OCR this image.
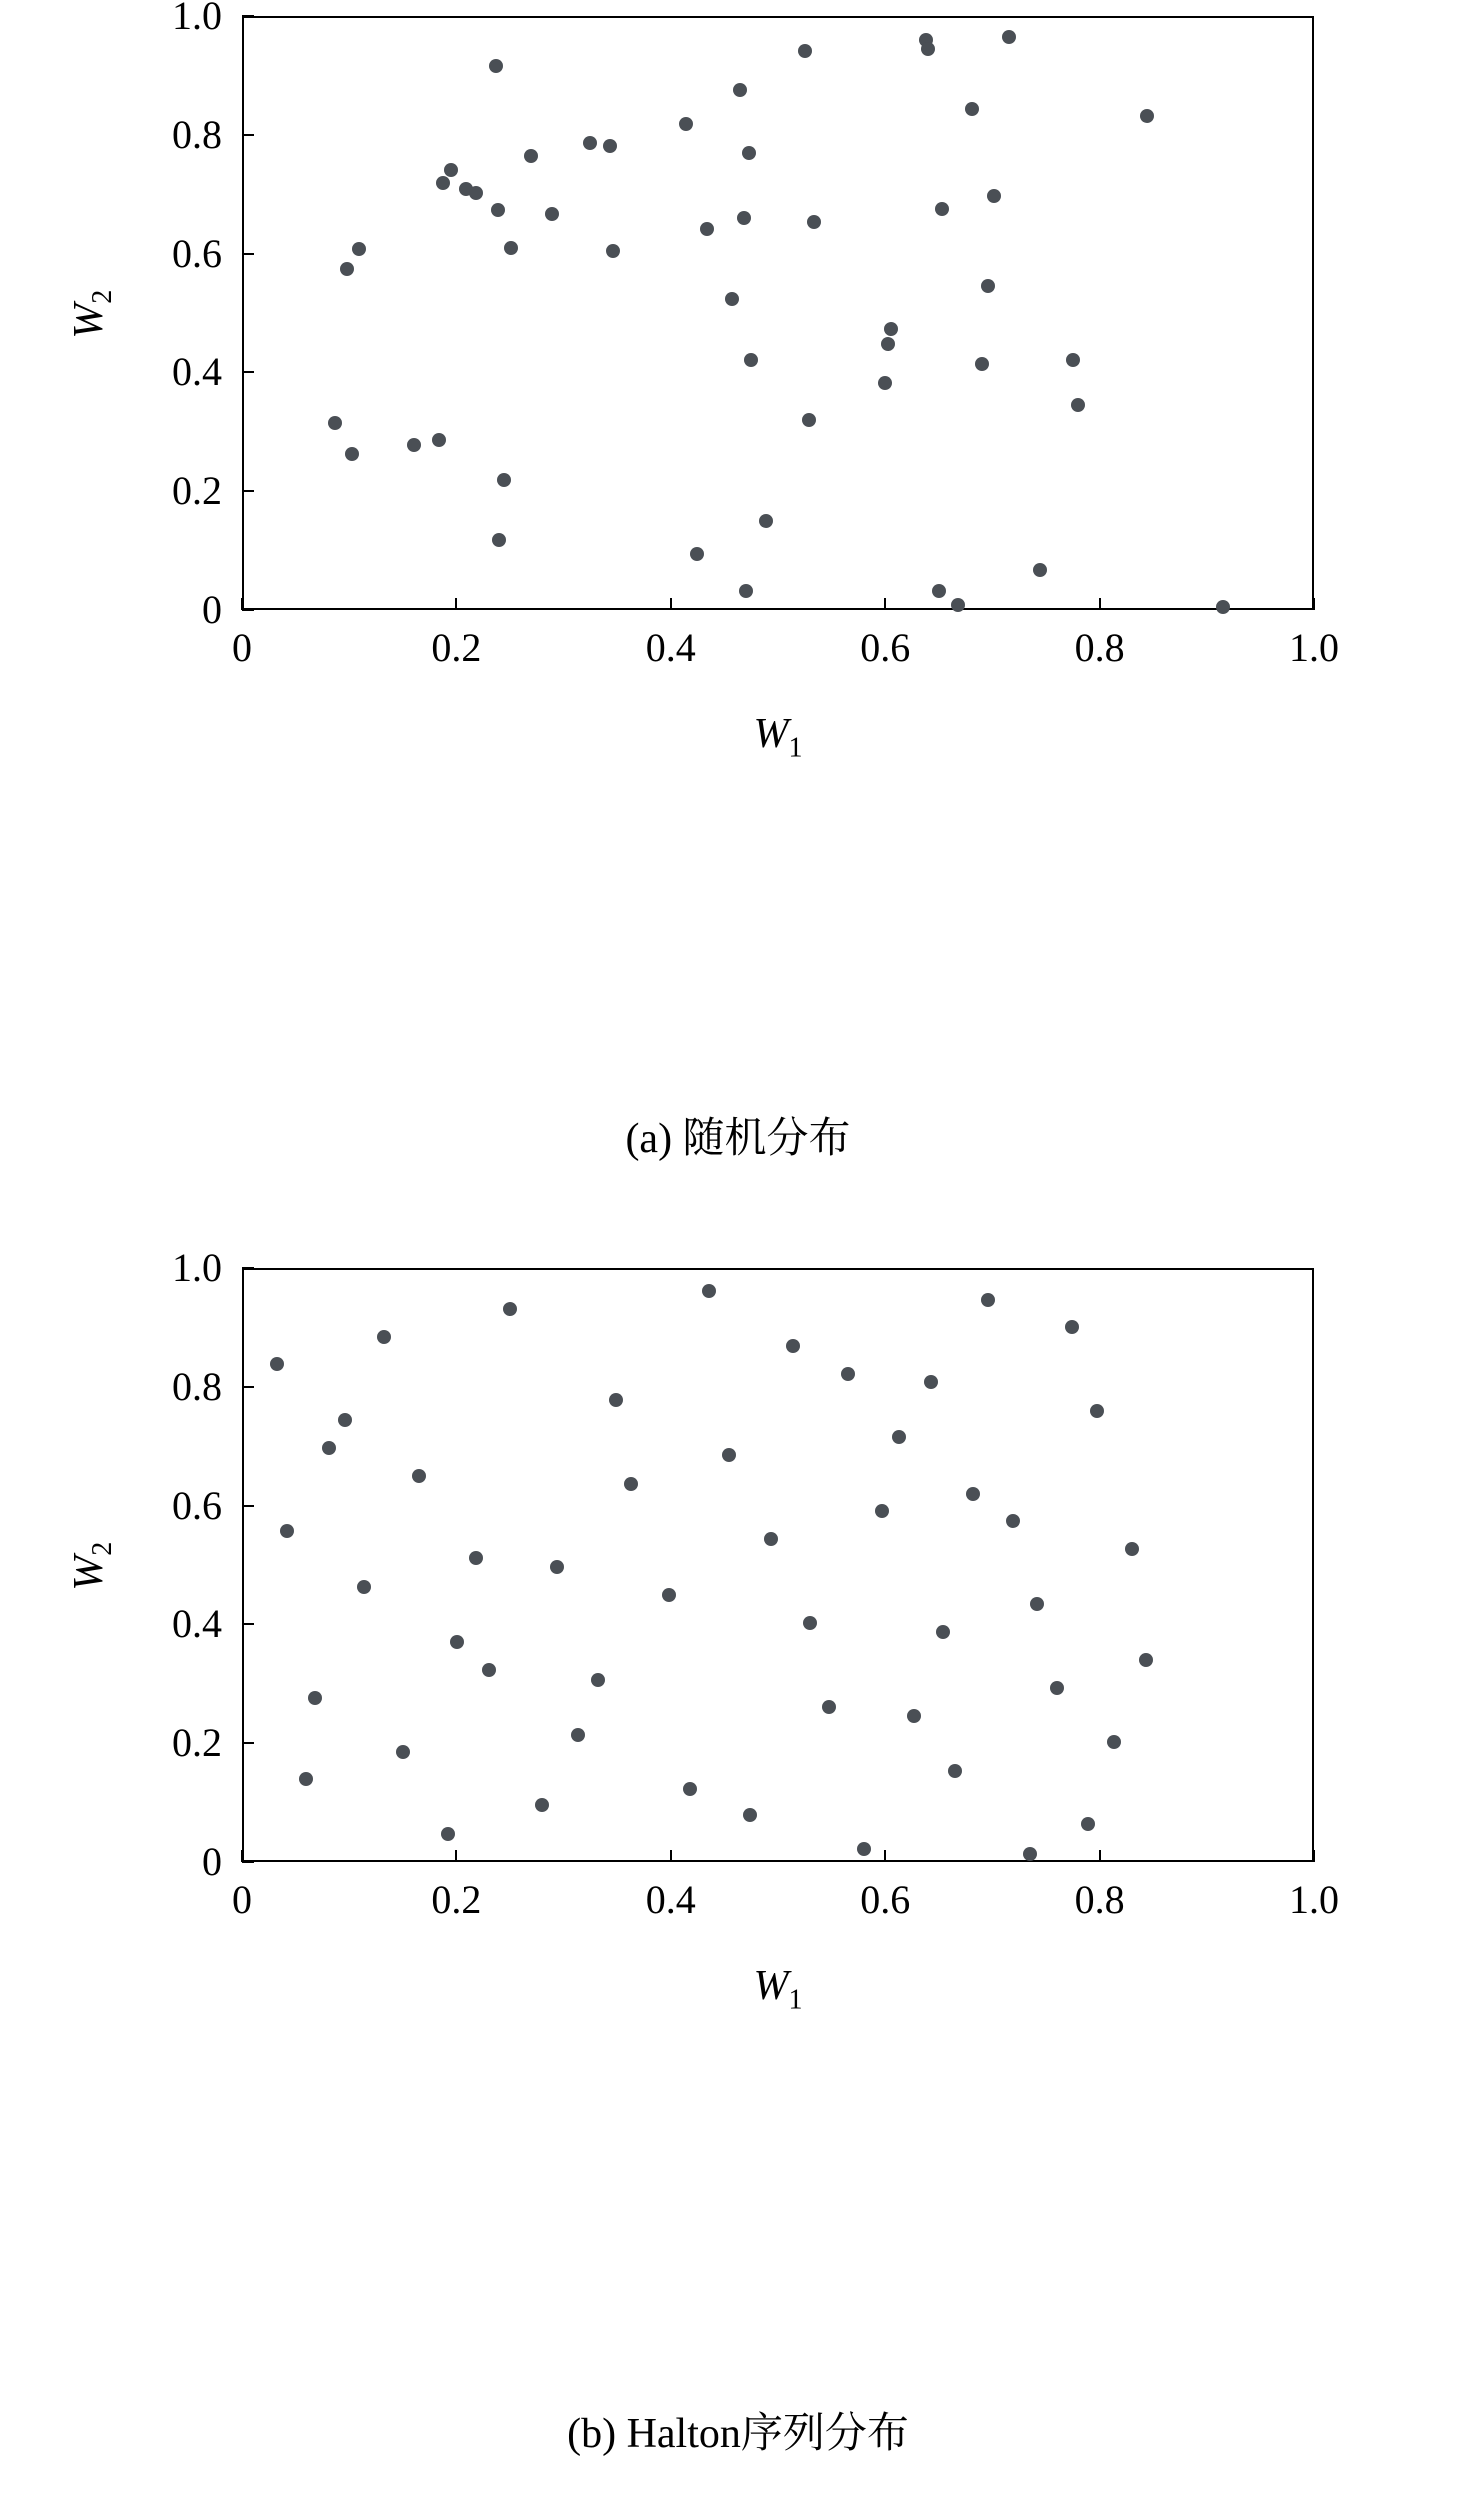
0	0.2	0.4	0.6	0.8	1.0
0
0.2
0.4
0.6
0.8
1.0
$W_1$
$W_2$
(a) 随机分布
0	0.2	0.4	0.6	0.8	1.0
0
0.2
0.4
0.6
0.8
1.0
$W_1$
$W_2$
(b) Halton序列分布
